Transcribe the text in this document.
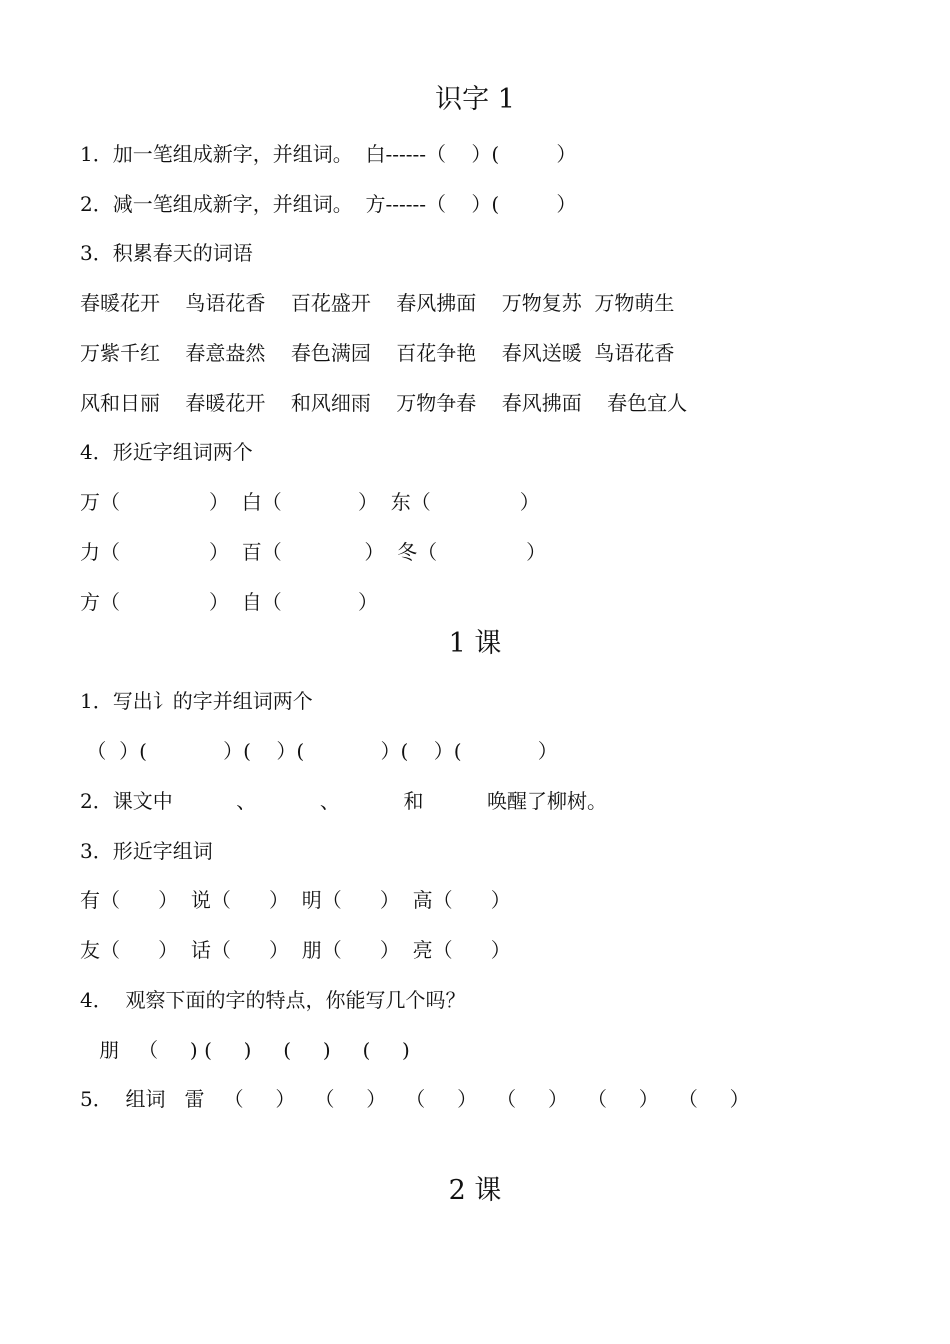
识字 1

1．加一笔组成新字，并组词。  白------（    ）(         ）

2．减一笔组成新字，并组词。  方------（    ）(         ）

3．积累春天的词语

春暖花开    鸟语花香    百花盛开    春风拂面    万物复苏  万物萌生

万紫千红    春意盎然    春色满园    百花争艳    春风送暖  鸟语花香

风和日丽    春暖花开    和风细雨    万物争春    春风拂面    春色宜人

4．形近字组词两个

万（              ）  白（            ）  东（              ）

力（              ）  百（             ）  冬（              ）

方（              ）  自（            ）

1 课

1．写出讠的字并组词两个

（  ）(            ）(    ）(            ）(    ）(            ）

2．课文中          、          、          和          唤醒了柳树。

3．形近字组词

有（      ）  说（      ）  明（      ）  高（      ）

友（      ）  话（      ）  朋（      ）  亮（      ）

4．  观察下面的字的特点，你能写几个吗？

朋   （     ) (     )     (     )     (     )

5．  组词   雷   （     ）   （     ）   （     ）   （     ）   （     ）   （     ）

2 课
